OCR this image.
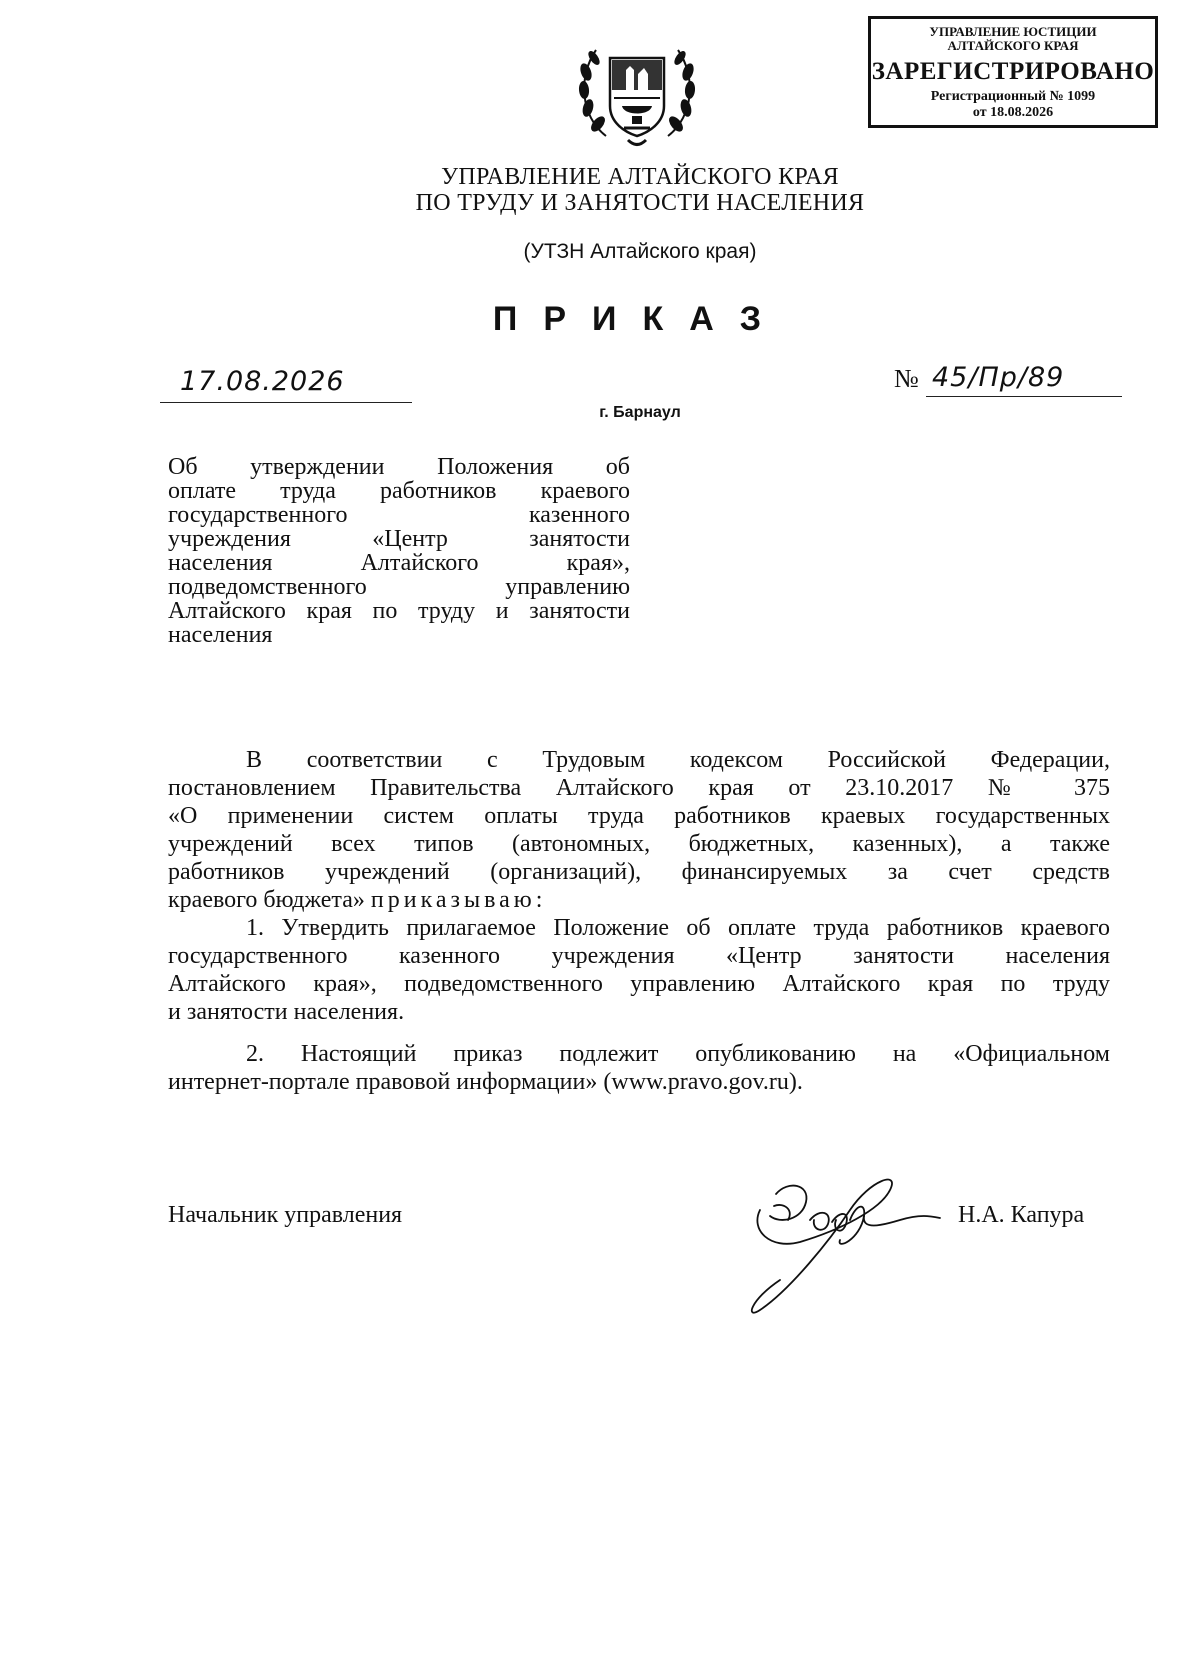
УПРАВЛЕНИЕ ЮСТИЦИИ
АЛТАЙСКОГО КРАЯ
ЗАРЕГИСТРИРОВАНО
Регистрационный № 1099
от 18.08.2026
УПРАВЛЕНИЕ АЛТАЙСКОГО КРАЯ
ПО ТРУДУ И ЗАНЯТОСТИ НАСЕЛЕНИЯ
(УТЗН Алтайского края)
ПРИКАЗ
17.08.2026	№ 45/Пр/89
г. Барнаул
Об утверждении Положения об
оплате труда работников краевого
государственного казенного
учреждения «Центр занятости
населения Алтайского края»,
подведомственного управлению
Алтайского края по труду и занятости
населения
В соответствии с Трудовым кодексом Российской Федерации,
постановлением Правительства Алтайского края от 23.10.2017 № 375
«О применении систем оплаты труда работников краевых государственных
учреждений всех типов (автономных, бюджетных, казенных), а также
работников учреждений (организаций), финансируемых за счет средств
краевого бюджета» приказываю:
1. Утвердить прилагаемое Положение об оплате труда работников краевого
государственного казенного учреждения «Центр занятости населения
Алтайского края», подведомственного управлению Алтайского края по труду
и занятости населения.
2. Настоящий приказ подлежит опубликованию на «Официальном
интернет-портале правовой информации» (www.pravo.gov.ru).
Начальник управления	Н.А. Капура
